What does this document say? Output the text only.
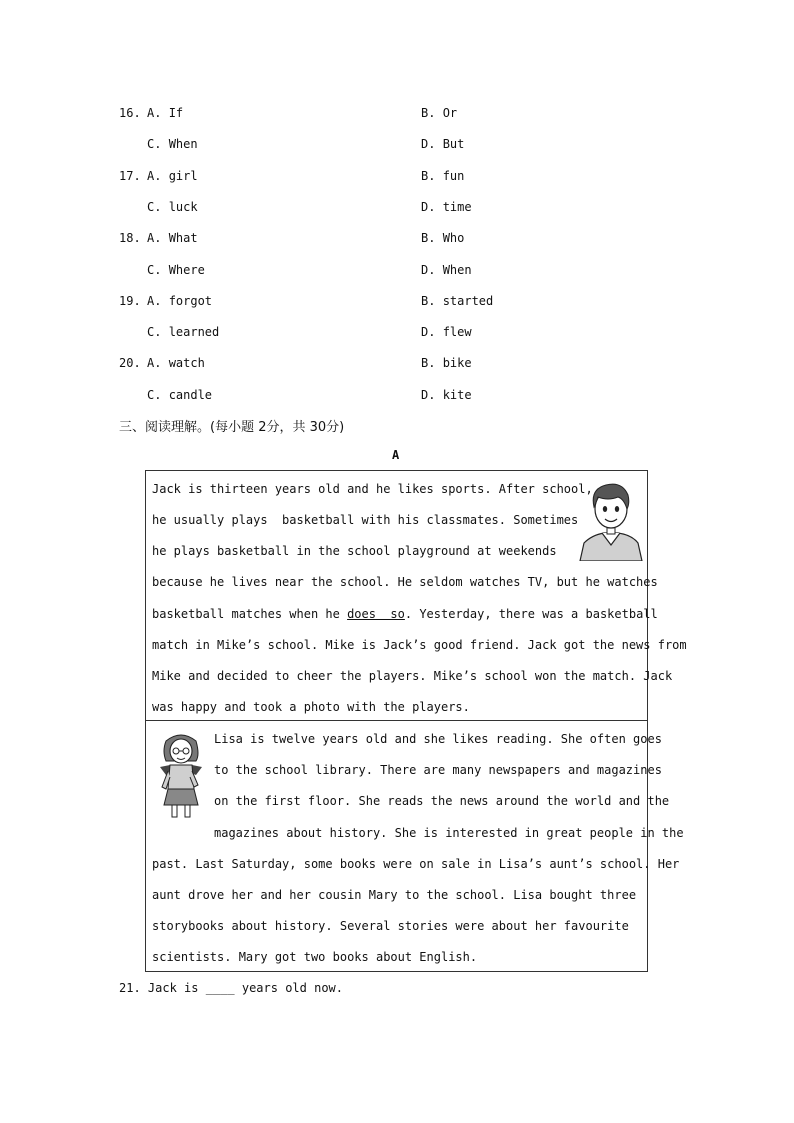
16. A. If	B. Or
C. When	D. But
17. A. girl	B. fun
C. luck	D. time
18. A. What	B. Who
C. Where	D. When
19. A. forgot	B. started
C. learned	D. flew
20. A. watch	B. bike
C. candle	D. kite
三、阅读理解。(每小题 2分，共 30分)
A
Jack is thirteen years old and he likes sports. After school,
he usually plays  basketball with his classmates. Sometimes
he plays basketball in the school playground at weekends
because he lives near the school. He seldom watches TV, but he watches
basketball matches when he does  so. Yesterday, there was a basketball
match in Mike’s school. Mike is Jack’s good friend. Jack got the news from
Mike and decided to cheer the players. Mike’s school won the match. Jack
was happy and took a photo with the players.
Lisa is twelve years old and she likes reading. She often goes
to the school library. There are many newspapers and magazines
on the first floor. She reads the news around the world and the
magazines about history. She is interested in great people in the
past. Last Saturday, some books were on sale in Lisa’s aunt’s school. Her
aunt drove her and her cousin Mary to the school. Lisa bought three
storybooks about history. Several stories were about her favourite
scientists. Mary got two books about English.
21. Jack is ____ years old now.
